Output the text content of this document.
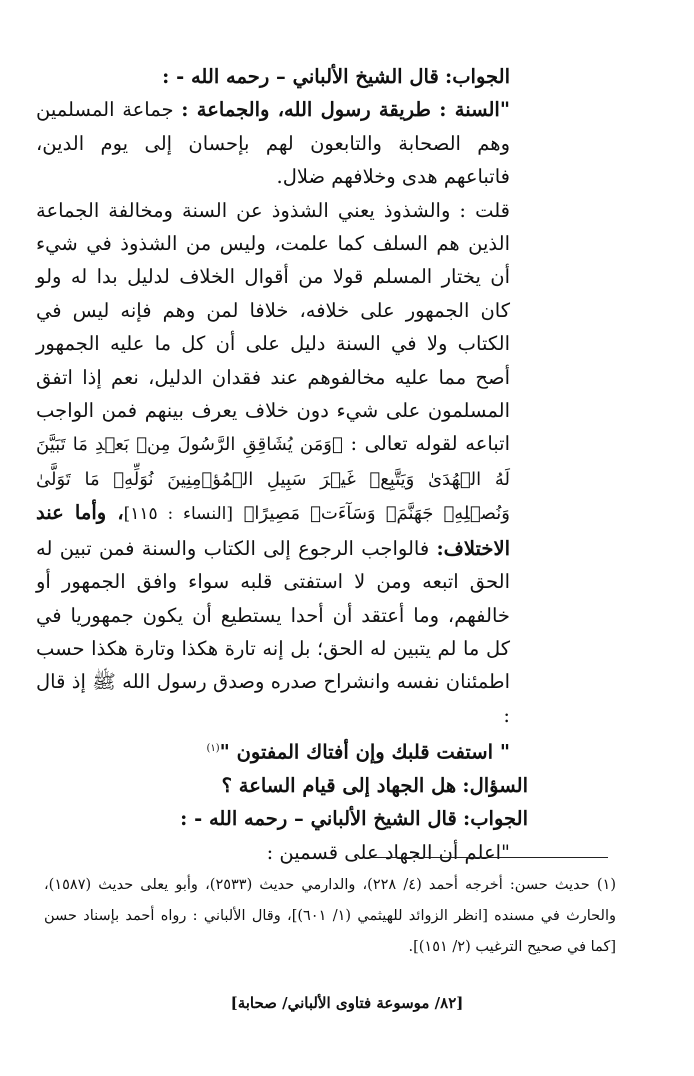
الجواب: قال الشيخ الألباني – رحمه الله - :

"السنة : طريقة رسول الله، والجماعة : جماعة المسلمين وهم الصحابة والتابعون لهم بإحسان إلى يوم الدين، فاتباعهم هدى وخلافهم ضلال.

قلت : والشذوذ يعني الشذوذ عن السنة ومخالفة الجماعة الذين هم السلف كما علمت، وليس من الشذوذ في شيء أن يختار المسلم قولا من أقوال الخلاف لدليل بدا له ولو كان الجمهور على خلافه، خلافا لمن وهم فإنه ليس في الكتاب ولا في السنة دليل على أن كل ما عليه الجمهور أصح مما عليه مخالفوهم عند فقدان الدليل، نعم إذا اتفق المسلمون على شيء دون خلاف يعرف بينهم فمن الواجب اتباعه لقوله تعالى : ﴿وَمَن يُشَاقِقِ الرَّسُولَ مِنۢ بَعۡدِ مَا تَبَيَّنَ لَهُ الۡهُدَىٰ وَيَتَّبِعۡ غَيۡرَ سَبِيلِ الۡمُؤۡمِنِينَ نُوَلِّهِۦ مَا تَوَلَّىٰ وَنُصۡلِهِۦ جَهَنَّمَۖ وَسَآءَتۡ مَصِيرًا﴾ [النساء : ١١٥]، وأما عند الاختلاف: فالواجب الرجوع إلى الكتاب والسنة فمن تبين له الحق اتبعه ومن لا استفتى قلبه سواء وافق الجمهور أو خالفهم، وما أعتقد أن أحدا يستطيع أن يكون جمهوريا في كل ما لم يتبين له الحق؛ بل إنه تارة هكذا وتارة هكذا حسب اطمئنان نفسه وانشراح صدره وصدق رسول الله ﷺ إذ قال :

" استفت قلبك وإن أفتاك المفتون "$^{(١)}$

السؤال: هل الجهاد إلى قيام الساعة ؟

الجواب: قال الشيخ الألباني – رحمه الله - :

"اعلم أن الجهاد على قسمين :

(١) حديث حسن: أخرجه أحمد (٤/ ٢٢٨)، والدارمي حديث (٢٥٣٣)، وأبو يعلى حديث (١٥٨٧)، والحارث في مسنده [انظر الزوائد للهيثمي (١/ ٦٠١)]، وقال الألباني : رواه أحمد بإسناد حسن [كما في صحيح الترغيب (٢/ ١٥١)].
[٨٢/ موسوعة فتاوى الألباني/ صحابة]
